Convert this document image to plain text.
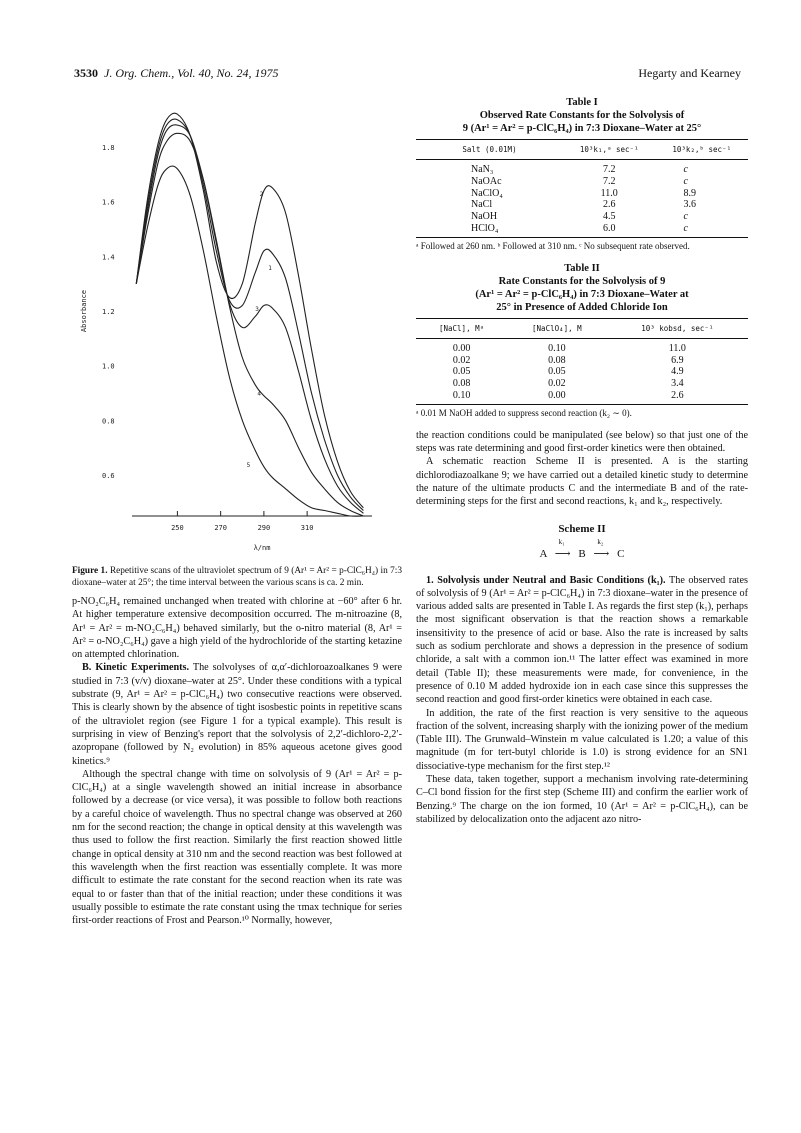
3530 J. Org. Chem., Vol. 40, No. 24, 1975	Hegarty and Kearney
250	270	290	310
0.6
0.8
1.0
1.2
1.4
1.6
1.8
λ/nm
Absorbance
1
2
3
4
5
Figure 1. Repetitive scans of the ultraviolet spectrum of 9 (Ar¹ = Ar² = p-ClC₆H₄) in 7:3 dioxane–water at 25°; the time interval between the various scans is ca. 2 min.

p-NO₂C₆H₄ remained unchanged when treated with chlorine at −60° after 6 hr. At higher temperature extensive decomposition occurred. The m-nitroazine (8, Ar¹ = Ar² = m-NO₂C₆H₄) behaved similarly, but the o-nitro material (8, Ar¹ = Ar² = o-NO₂C₆H₄) gave a high yield of the hydrochloride of the starting ketazine on attempted chlorination.

B. Kinetic Experiments. The solvolyses of α,α′-dichloroazoalkanes 9 were studied in 7:3 (v/v) dioxane–water at 25°. Under these conditions with a typical substrate (9, Ar¹ = Ar² = p-ClC₆H₄) two consecutive reactions were observed. This is clearly shown by the absence of tight isosbestic points in repetitive scans of the ultraviolet region (see Figure 1 for a typical example). This result is surprising in view of Benzing's report that the solvolysis of 2,2′-dichloro-2,2′-azopropane (followed by N₂ evolution) in 85% aqueous acetone gives good kinetics.⁹

Although the spectral change with time on solvolysis of 9 (Ar¹ = Ar² = p-ClC₆H₄) at a single wavelength showed an initial increase in absorbance followed by a decrease (or vice versa), it was possible to follow both reactions by a careful choice of wavelength. Thus no spectral change was observed at 260 nm for the second reaction; the change in optical density at this wavelength was thus used to follow the first reaction. Similarly the first reaction showed little change in optical density at 310 nm and the second reaction was best followed at this wavelength when the first reaction was essentially complete. It was more difficult to estimate the rate constant for the second reaction when its rate was equal to or faster than that of the initial reaction; under these conditions it was usually possible to estimate the rate constant using the τmax technique for series first-order reactions of Frost and Pearson.¹⁰ Normally, however,

Table I
Observed Rate Constants for the Solvolysis of
9 (Ar¹ = Ar² = p-ClC₆H₄) in 7:3 Dioxane–Water at 25°
Salt (0.01M)	10³k₁,ᵃ sec⁻¹	10³k₂,ᵇ sec⁻¹
NaN₃	7.2	c
NaOAc	7.2	c
NaClO₄	11.0	8.9
NaCl	2.6	3.6
NaOH	4.5	c
HClO₄	6.0	c
ᵃ Followed at 260 nm. ᵇ Followed at 310 nm. ᶜ No subsequent rate observed.
Table II
Rate Constants for the Solvolysis of 9
(Ar¹ = Ar² = p-ClC₆H₄) in 7:3 Dioxane–Water at
25° in Presence of Added Chloride Ion
[NaCl], Mᵃ	[NaClO₄], M	10³ kobsd, sec⁻¹
0.00	0.10	11.0
0.02	0.08	6.9
0.05	0.05	4.9
0.08	0.02	3.4
0.10	0.00	2.6
ᵃ 0.01 M NaOH added to suppress second reaction (k₂ ∼ 0).

the reaction conditions could be manipulated (see below) so that just one of the steps was rate determining and good first-order kinetics were then obtained.

A schematic reaction Scheme II is presented. A is the starting dichlorodiazoalkane 9; we have carried out a detailed kinetic study to determine the nature of the ultimate products C and the intermediate B and of the rate-determining steps for the first and second reactions, k₁ and k₂, respectively.

Scheme II
A
k₁
⟶ B
k₂
⟶ C

1. Solvolysis under Neutral and Basic Conditions (k₁). The observed rates of solvolysis of 9 (Ar¹ = Ar² = p-ClC₆H₄) in 7:3 dioxane–water in the presence of various added salts are presented in Table I. As regards the first step (k₁), perhaps the most significant observation is that the reaction shows a remarkable insensitivity to the presence of acid or base. Also the rate is increased by salts such as sodium perchlorate and shows a depression in the presence of sodium chloride, a salt with a common ion.¹¹ The latter effect was examined in more detail (Table II); these measurements were made, for convenience, in the presence of 0.10 M added hydroxide ion in each case since this suppresses the second reaction and good first-order kinetics were obtained in each case.

In addition, the rate of the first reaction is very sensitive to the aqueous fraction of the solvent, increasing sharply with the ionizing power of the medium (Table III). The Grunwald–Winstein m value calculated is 1.20; a value of this magnitude (m for tert-butyl chloride is 1.0) is strong evidence for an SN1 dissociative-type mechanism for the first step.¹²

These data, taken together, support a mechanism involving rate-determining C–Cl bond fission for the first step (Scheme III) and confirm the earlier work of Benzing.⁹ The charge on the ion formed, 10 (Ar¹ = Ar² = p-ClC₆H₄), can be stabilized by delocalization onto the adjacent azo nitro-
